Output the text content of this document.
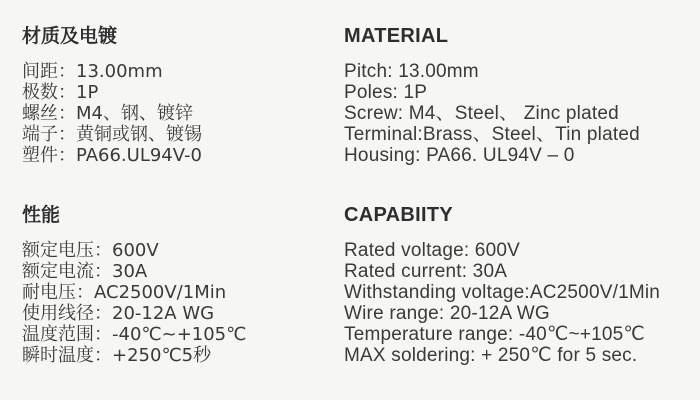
材质及电镀
间距：13.00mm
极数：1P
螺丝：M4、钢、镀锌
端子：黄铜或钢、镀锡
塑件：PA66.UL94V-0
性能
额定电压：600V
额定电流：30A
耐电压：AC2500V/1Min
使用线径：20-12A WG
温度范围：-40℃~+105℃
瞬时温度：+250℃5秒
MATERIAL
Pitch: 13.00mm
Poles: 1P
Screw: M4、Steel、 Zinc plated
Terminal:Brass、Steel、Tin plated
Housing: PA66. UL94V – 0
CAPABIITY
Rated voltage: 600V
Rated current: 30A
Withstanding voltage:AC2500V/1Min
Wire range: 20-12A WG
Temperature range: -40℃~+105℃
MAX soldering: + 250℃ for 5 sec.
